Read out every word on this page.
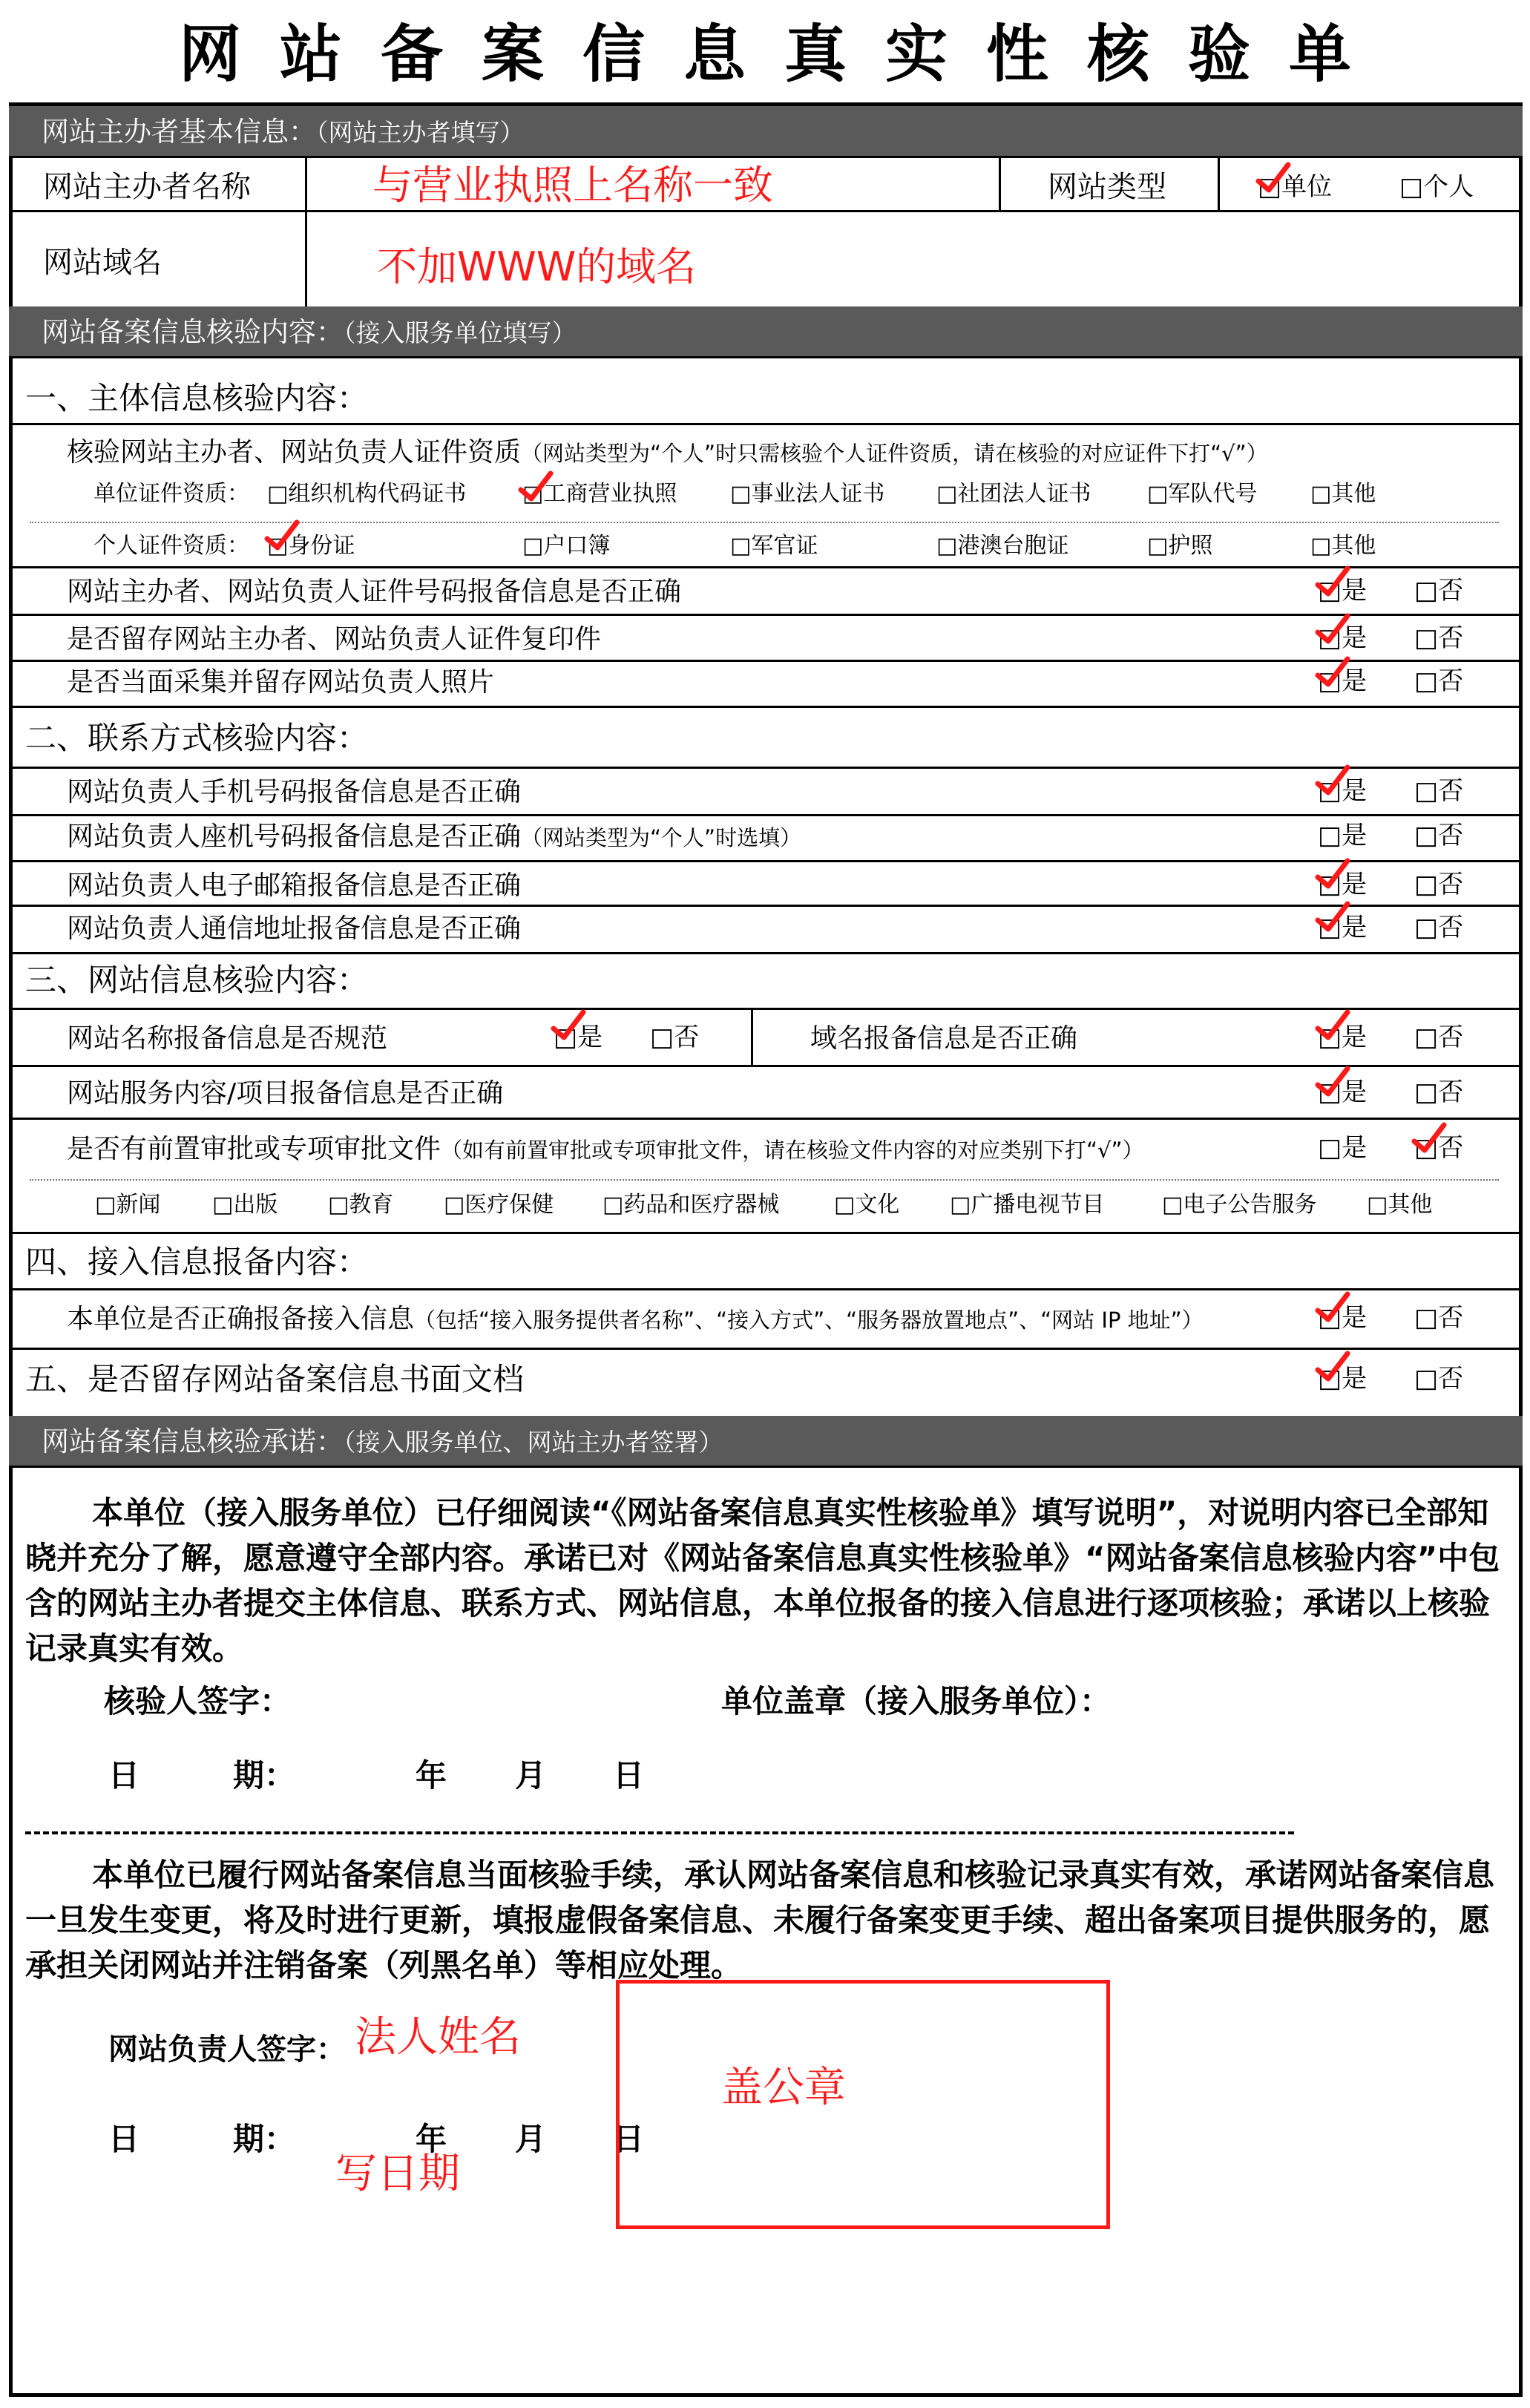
网站备案信息真实性核验单
网站主办者基本信息：（网站主办者填写）
网站主办者名称	与营业执照上名称一致	网站类型	□单位	□个人
网站域名	不加WWW的域名
网站备案信息核验内容：（接入服务单位填写）
一、主体信息核验内容：
核验网站主办者、网站负责人证件资质（网站类型为“个人”时只需核验个人证件资质，请在核验的对应证件下打“√”）
单位证件资质： □组织机构代码证书	□工商营业执照 □事业法人证书 □社团法人证书	□军队代号 □其他
个人证件资质： □身份证	□户口簿	□军官证	□港澳台胞证	□护照	□其他
网站主办者、网站负责人证件号码报备信息是否正确	□是 □否
是否留存网站主办者、网站负责人证件复印件	□是 □否
是否当面采集并留存网站负责人照片	□是 □否
二、联系方式核验内容：
网站负责人手机号码报备信息是否正确	□是 □否
网站负责人座机号码报备信息是否正确（网站类型为“个人”时选填）	□是 □否
网站负责人电子邮箱报备信息是否正确	□是 □否
网站负责人通信地址报备信息是否正确	□是 □否
三、网站信息核验内容：
网站名称报备信息是否规范	□是 □否	域名报备信息是否正确	□是 □否
网站服务内容/项目报备信息是否正确	□是 □否
是否有前置审批或专项审批文件（如有前置审批或专项审批文件，请在核验文件内容的对应类别下打“√”）	□是 □否
□新闻 □出版 □教育 □医疗保健 □药品和医疗器械 □文化 □广播电视节目	□电子公告服务 □其他
四、接入信息报备内容：
本单位是否正确报备接入信息（包括“接入服务提供者名称”、“接入方式”、“服务器放置地点”、“网站 IP 地址”）	□是 □否
五、是否留存网站备案信息书面文档	□是 □否
网站备案信息核验承诺：（接入服务单位、网站主办者签署）
本单位（接入服务单位）已仔细阅读“《网站备案信息真实性核验单》填写说明”，对说明内容已全部知晓并充分了解，愿意遵守全部内容。承诺已对《网站备案信息真实性核验单》“网站备案信息核验内容”中包含的网站主办者提交主体信息、联系方式、网站信息，本单位报备的接入信息进行逐项核验；承诺以上核验记录真实有效。
核验人签字：	单位盖章（接入服务单位）：
日　　　期：	年 月 日
本单位已履行网站备案信息当面核验手续，承认网站备案信息和核验记录真实有效，承诺网站备案信息一旦发生变更，将及时进行更新，填报虚假备案信息、未履行备案变更手续、超出备案项目提供服务的，愿承担关闭网站并注销备案（列黑名单）等相应处理。
网站负责人签字： 法人姓名
日　　　期：	年 月 日
写日期
盖公章
